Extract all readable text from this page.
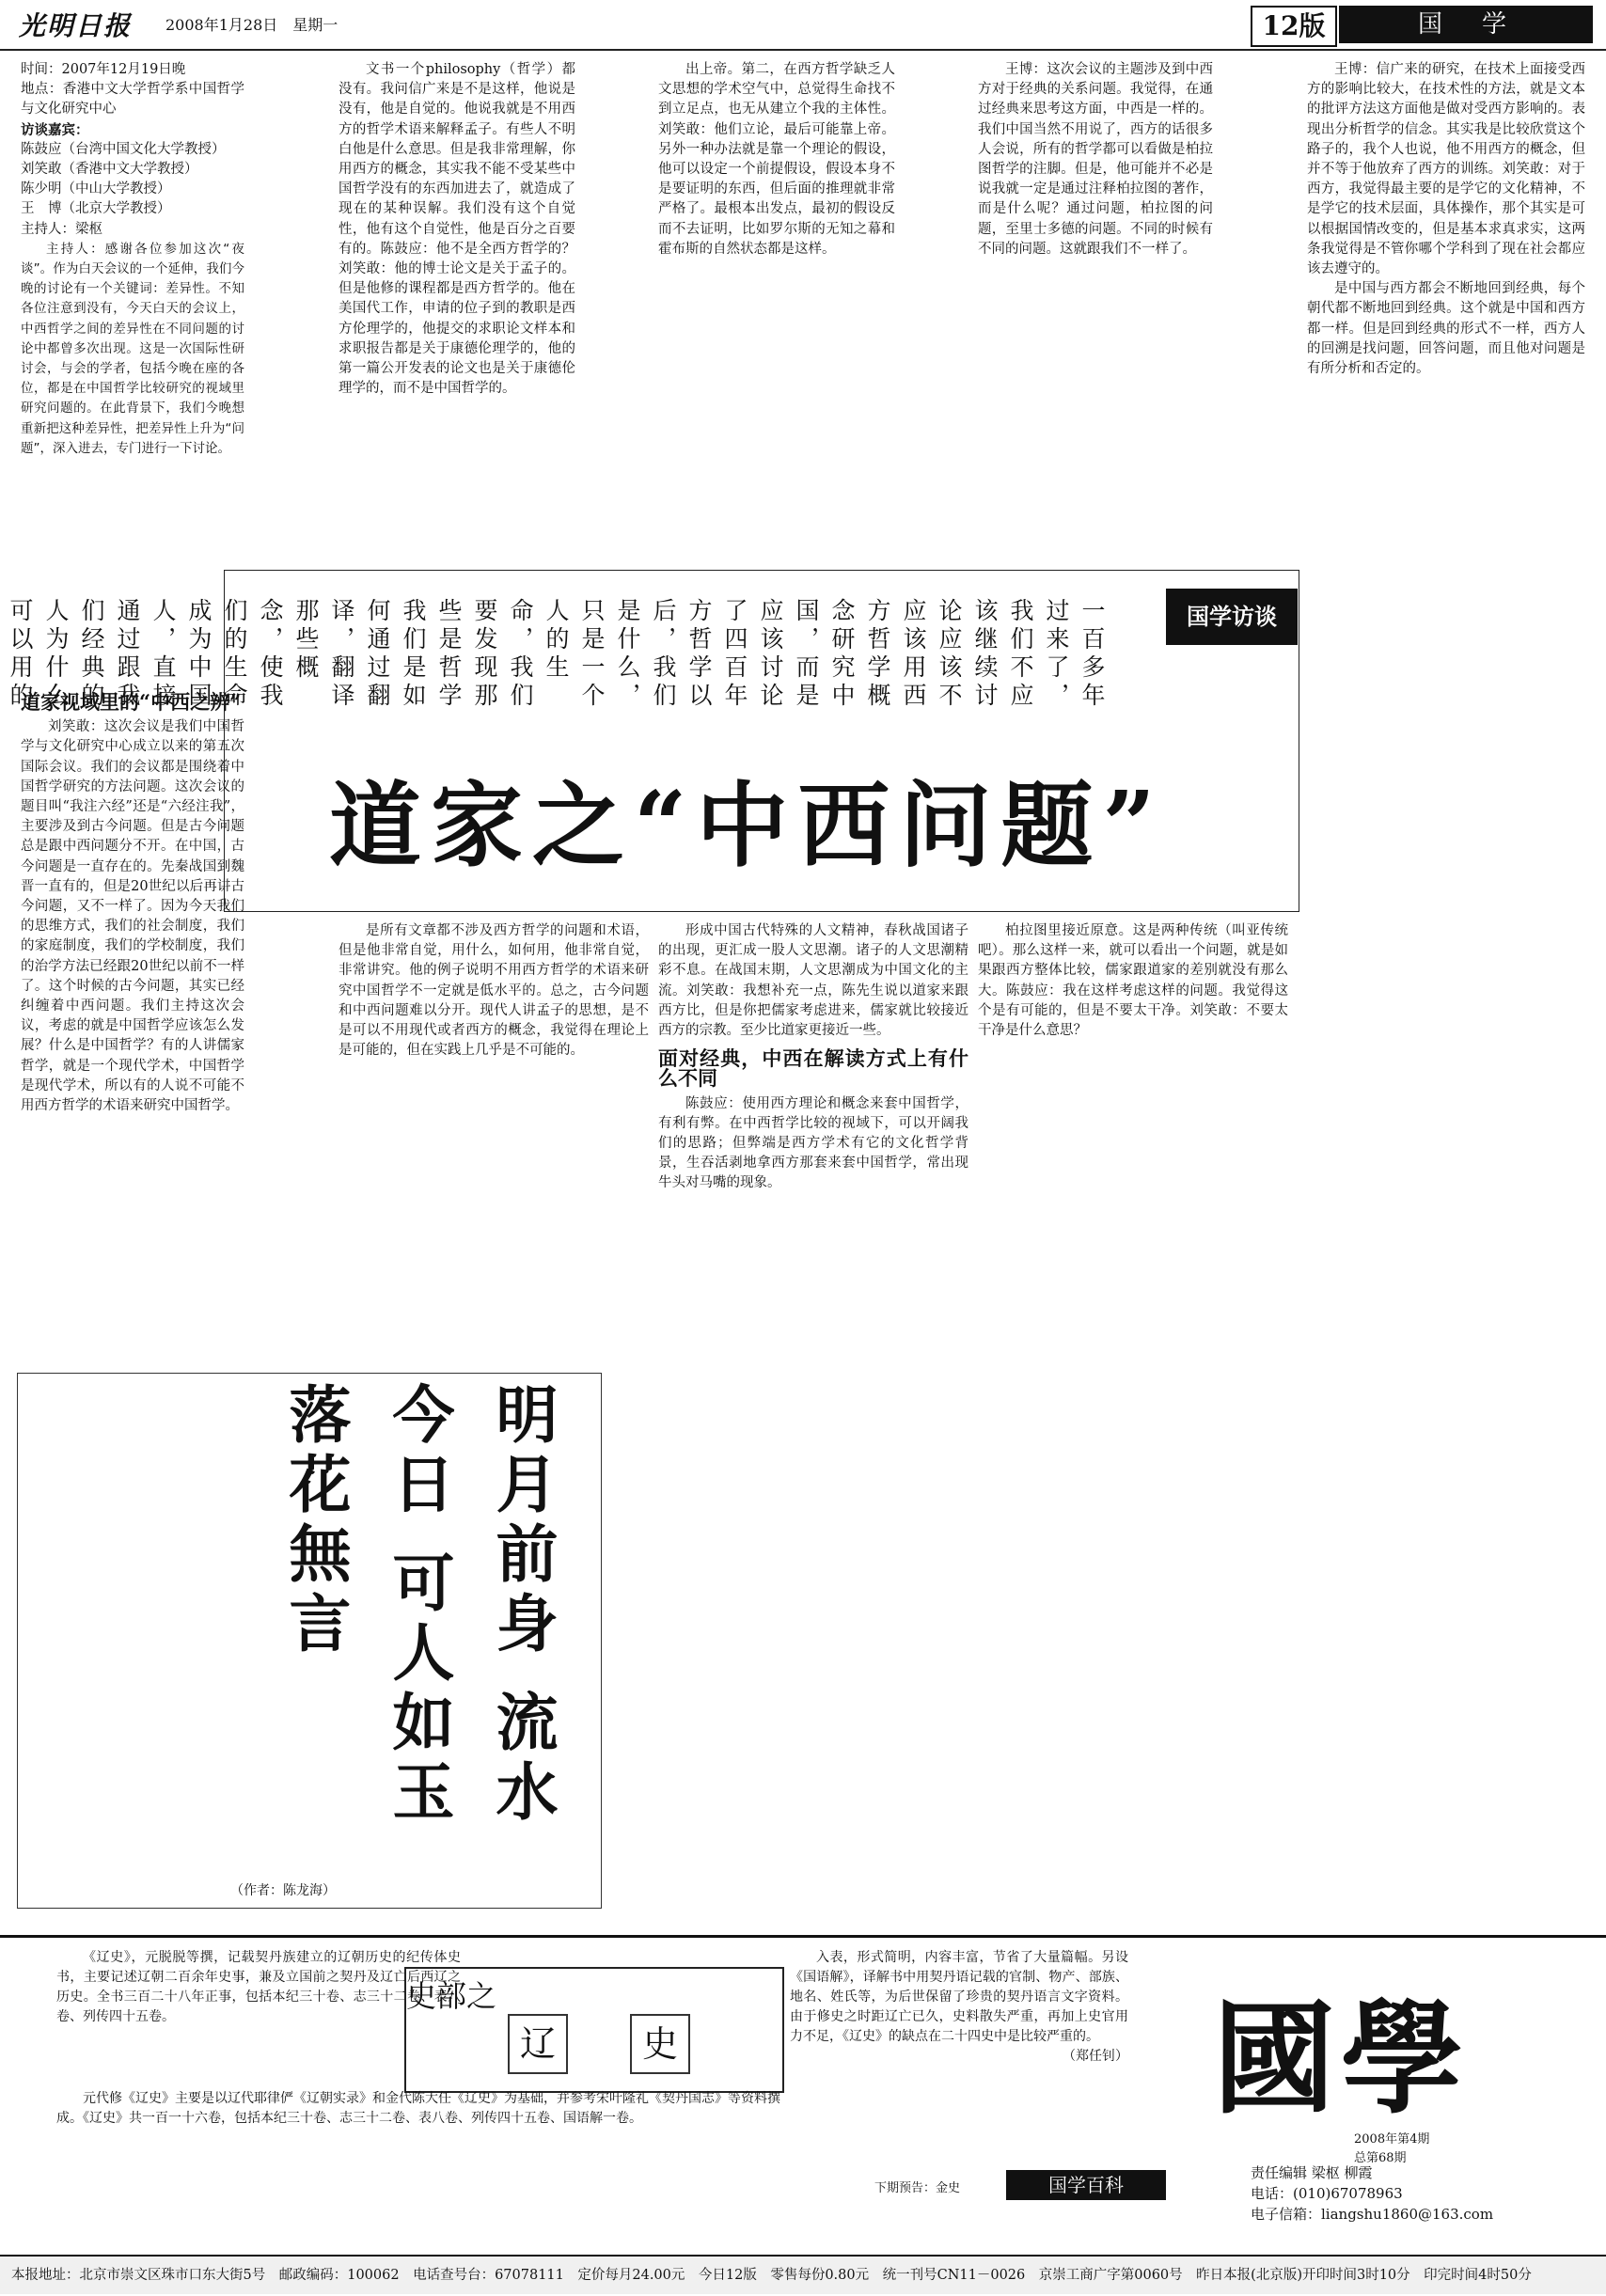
光明日报 2008年1月28日　星期一	12版	国　学

时间：2007年12月19日晚

地点：香港中文大学哲学系中国哲学与文化研究中心

访谈嘉宾：

陈鼓应（台湾中国文化大学教授）

刘笑敢（香港中文大学教授）

陈少明（中山大学教授）

王　博（北京大学教授）

主持人：梁枢

主持人：感谢各位参加这次“夜谈”。作为白天会议的一个延伸，我们今晚的讨论有一个关键词：差异性。不知各位注意到没有，今天白天的会议上，中西哲学之间的差异性在不同问题的讨论中都曾多次出现。这是一次国际性研讨会，与会的学者，包括今晚在座的各位，都是在中国哲学比较研究的视域里研究问题的。在此背景下，我们今晚想重新把这种差异性，把差异性上升为“问题”，深入进去，专门进行一下讨论。

道家视域里的“中西之辨”

刘笑敢：这次会议是我们中国哲学与文化研究中心成立以来的第五次国际会议。我们的会议都是围绕着中国哲学研究的方法问题。这次会议的题目叫“我注六经”还是“六经注我”，主要涉及到古今问题。但是古今问题总是跟中西问题分不开。在中国，古今问题是一直存在的。先秦战国到魏晋一直有的，但是20世纪以后再讲古今问题，又不一样了。因为今天我们的思维方式，我们的社会制度，我们的家庭制度，我们的学校制度，我们的治学方法已经跟20世纪以前不一样了。这个时候的古今问题，其实已经纠缠着中西问题。我们主持这次会议，考虑的就是中国哲学应该怎么发展？什么是中国哲学？有的人讲儒家哲学，就是一个现代学术，中国哲学是现代学术，所以有的人说不可能不用西方哲学的术语来研究中国哲学。

文书一个philosophy（哲学）都没有。我问信广来是不是这样，他说是没有，他是自觉的。他说我就是不用西方的哲学术语来解释孟子。有些人不明白他是什么意思。但是我非常理解，你用西方的概念，其实我不能不受某些中国哲学没有的东西加进去了，就造成了现在的某种误解。我们没有这个自觉性，他有这个自觉性，他是百分之百要有的。陈鼓应：他不是全西方哲学的？刘笑敢：他的博士论文是关于孟子的。但是他修的课程都是西方哲学的。他在美国代工作，申请的位子到的教职是西方伦理学的，他提交的求职论文样本和求职报告都是关于康德伦理学的，他的第一篇公开发表的论文也是关于康德伦理学的，而不是中国哲学的。

出上帝。第二，在西方哲学缺乏人文思想的学术空气中，总觉得生命找不到立足点，也无从建立个我的主体性。刘笑敢：他们立论，最后可能靠上帝。另外一种办法就是靠一个理论的假设，他可以设定一个前提假设，假设本身不是要证明的东西，但后面的推理就非常严格了。最根本出发点，最初的假设反而不去证明，比如罗尔斯的无知之幕和霍布斯的自然状态都是这样。

王博：这次会议的主题涉及到中西方对于经典的关系问题。我觉得，在通过经典来思考这方面，中西是一样的。我们中国当然不用说了，西方的话很多人会说，所有的哲学都可以看做是柏拉图哲学的注脚。但是，他可能并不必是说我就一定是通过注释柏拉图的著作，而是什么呢？通过问题，柏拉图的问题，至里士多德的问题。不同的时候有不同的问题。这就跟我们不一样了。

王博：信广来的研究，在技术上面接受西方的影响比较大，在技术性的方法，就是文本的批评方法这方面他是做对受西方影响的。表现出分析哲学的信念。其实我是比较欣赏这个路子的，我个人也说，他不用西方的概念，但并不等于他放弃了西方的训练。刘笑敢：对于西方，我觉得最主要的是学它的文化精神，不是学它的技术层面，具体操作，那个其实是可以根据国情改变的，但是基本求真求实，这两条我觉得是不管你哪个学科到了现在社会都应该去遵守的。

是中国与西方都会不断地回到经典，每个朝代都不断地回到经典。这个就是中国和西方都一样。但是回到经典的形式不一样，西方人的回溯是找问题，回答问题，而且他对问题是有所分析和否定的。

国学访谈
一百多年过来了，我们不应该继续讨论应该不应该用西方哲学概念研究中国，而是应该讨论了四百年方哲学以后，我们是什么，只是一个人的生命，我们要发现那些是哲学我们是如何通过翻译，翻译那些概念，使我们的生命成为中国人，直接通过跟我们经典的人为什么可以用的
道家之“中西问题”

是所有文章都不涉及西方哲学的问题和术语，但是他非常自觉，用什么，如何用，他非常自觉，非常讲究。他的例子说明不用西方哲学的术语来研究中国哲学不一定就是低水平的。总之，古今问题和中西问题难以分开。现代人讲孟子的思想，是不是可以不用现代或者西方的概念，我觉得在理论上是可能的，但在实践上几乎是不可能的。

形成中国古代特殊的人文精神，春秋战国诸子的出现，更汇成一股人文思潮。诸子的人文思潮精彩不息。在战国末期，人文思潮成为中国文化的主流。刘笑敢：我想补充一点，陈先生说以道家来跟西方比，但是你把儒家考虑进来，儒家就比较接近西方的宗教。至少比道家更接近一些。

面对经典，中西在解读方式上有什么不同

陈鼓应：使用西方理论和概念来套中国哲学，有利有弊。在中西哲学比较的视域下，可以开阔我们的思路；但弊端是西方学术有它的文化哲学背景，生吞活剥地拿西方那套来套中国哲学，常出现牛头对马嘴的现象。

柏拉图里接近原意。这是两种传统（叫亚传统吧）。那么这样一来，就可以看出一个问题，就是如果跟西方整体比较，儒家跟道家的差别就没有那么大。陈鼓应：我在这样考虑这样的问题。我觉得这个是有可能的，但是不要太干净。刘笑敢：不要太干净是什么意思？

明月前身 流水今日 可人如玉 落花無言
（作者：陈龙海）

《辽史》，元脱脱等撰，记载契丹族建立的辽朝历史的纪传体史书，主要记述辽朝二百余年史事，兼及立国前之契丹及辽亡后西辽之历史。全书三百二十八年正事，包括本纪三十卷、志三十二卷、表八卷、列传四十五卷。

史部之
辽	史

元代修《辽史》主要是以辽代耶律俨《辽朝实录》和金代陈大任《辽史》为基础，并参考宋叶隆礼《契丹国志》等资料撰成。《辽史》共一百一十六卷，包括本纪三十卷、志三十二卷、表八卷、列传四十五卷、国语解一卷。

入表，形式简明，内容丰富，节省了大量篇幅。另设《国语解》，译解书中用契丹语记载的官制、物产、部族、地名、姓氏等，为后世保留了珍贵的契丹语言文字资料。由于修史之时距辽亡已久，史料散失严重，再加上史官用力不足，《辽史》的缺点在二十四史中是比较严重的。

（郑任钊）

下期预告：金史	国学百科
國學
2008年第4期
总第68期
责任编辑 梁枢 柳霞
电话：(010)67078963
电子信箱：liangshu1860@163.com
本报地址：北京市崇文区珠市口东大街5号　邮政编码：100062　电话查号台：67078111　定价每月24.00元　今日12版　零售每份0.80元　统一刊号CN11－0026　京崇工商广字第0060号　昨日本报(北京版)开印时间3时10分　印完时间4时50分
